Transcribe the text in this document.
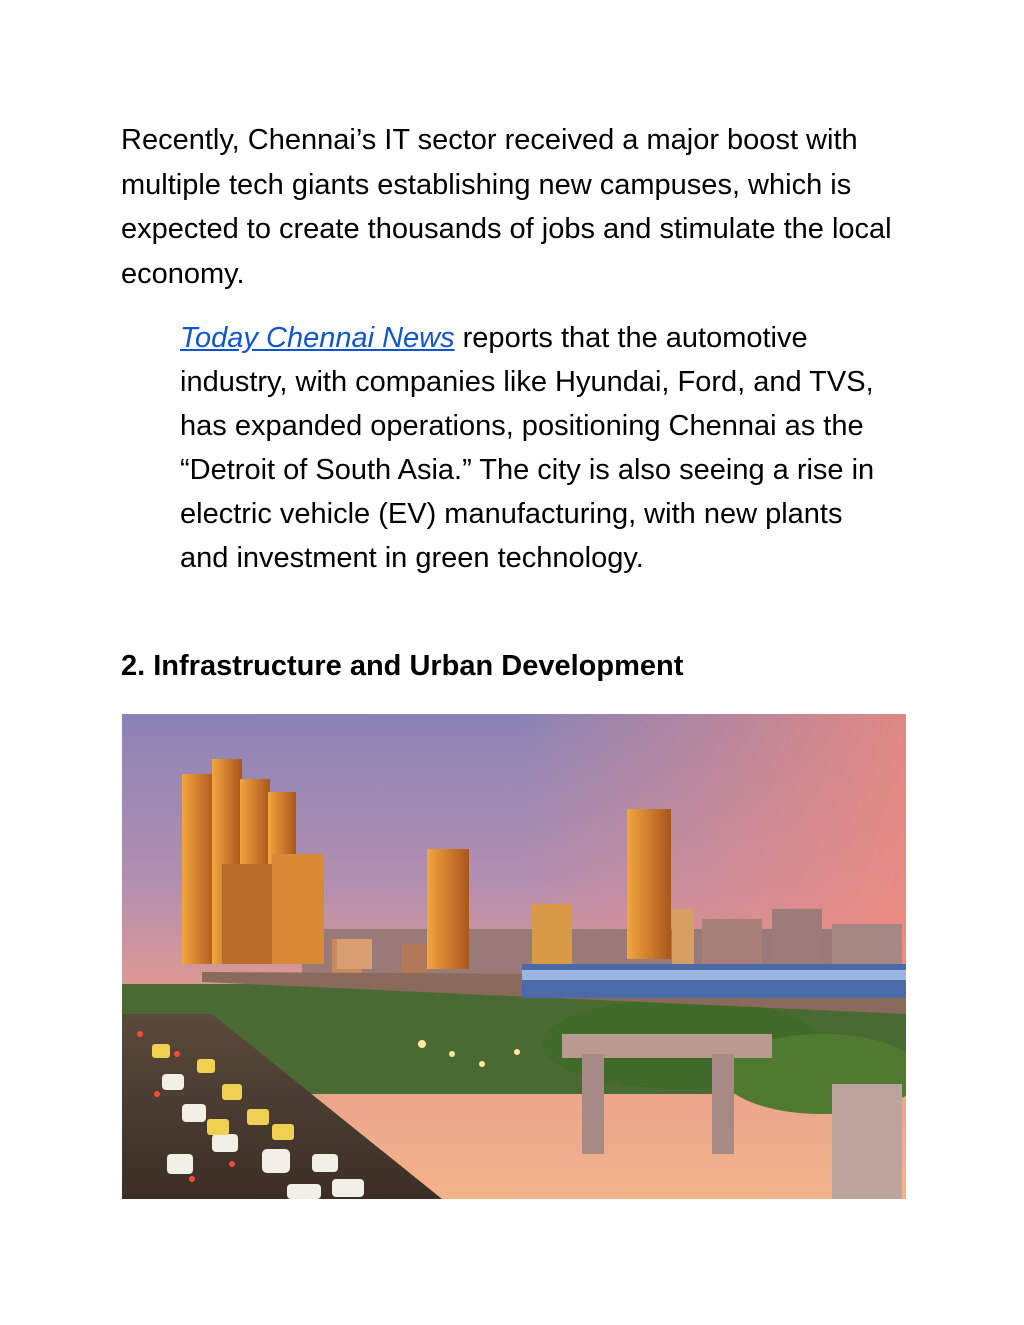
Recently, Chennai’s IT sector received a major boost with multiple tech giants establishing new campuses, which is expected to create thousands of jobs and stimulate the local economy.

Today Chennai News reports that the automotive industry, with companies like Hyundai, Ford, and TVS, has expanded operations, positioning Chennai as the “Detroit of South Asia.” The city is also seeing a rise in electric vehicle (EV) manufacturing, with new plants and investment in green technology.

2. Infrastructure and Urban Development
